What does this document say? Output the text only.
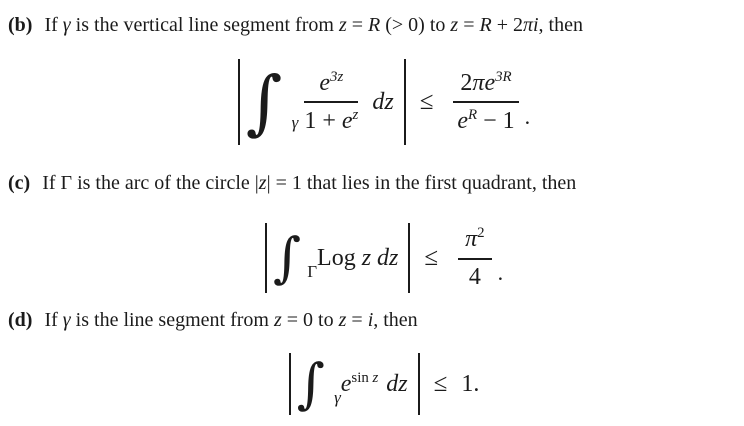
(b) If γ is the vertical line segment from z = R (> 0) to z = R + 2πi, then
∫ γ $\frac{e^{3z}}{1 + e^z}$ dz ≤ $\frac{2\pi e^{3R}}{e^R - 1}$ .
(c) If Γ is the arc of the circle |z| = 1 that lies in the first quadrant, then
∫ Γ
Log z dz ≤ $\frac{\pi^2}{4}$ .
(d) If γ is the line segment from z = 0 to z = i, then
∫ γ
$e^{sin}$ $^z$ dz ≤ 1.
